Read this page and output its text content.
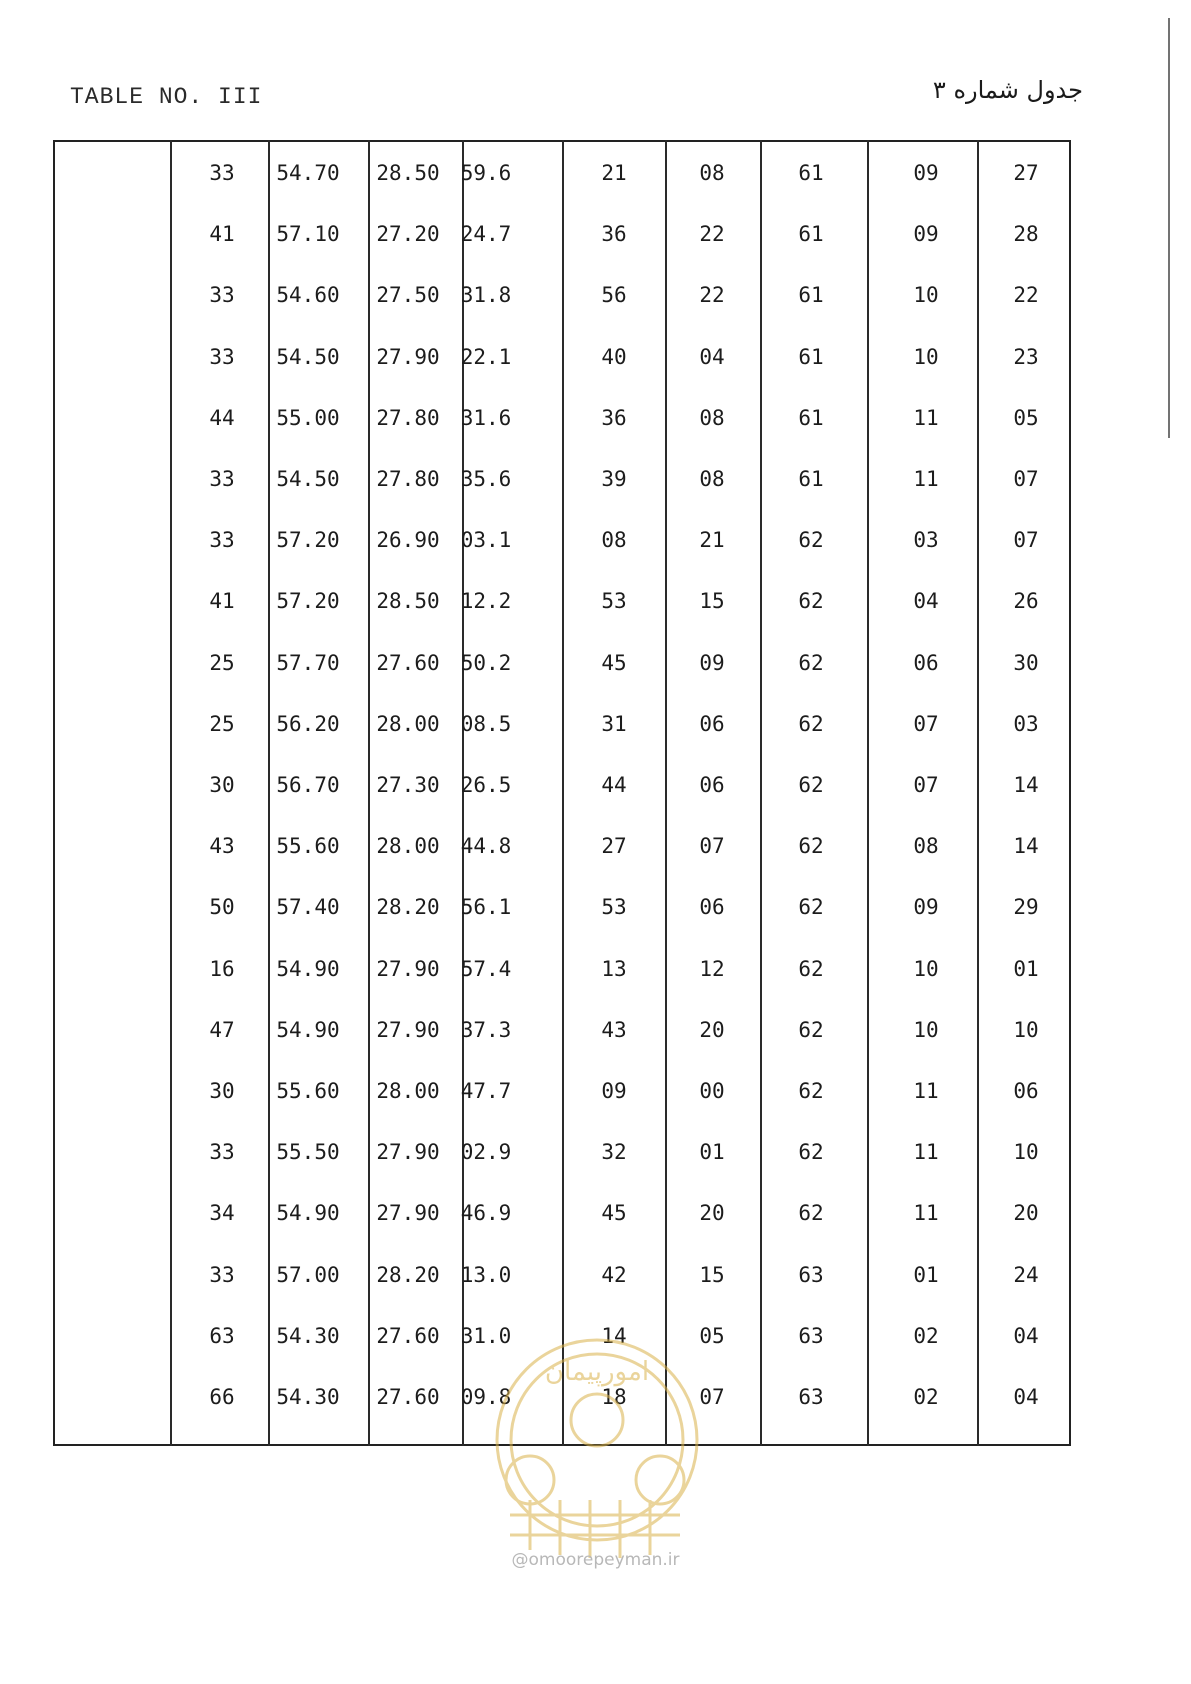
TABLE NO. III	جدول شماره ۳
33	54.70	28.50	59.6	21	08	61	09	27
41	57.10	27.20	24.7	36	22	61	09	28
33	54.60	27.50	31.8	56	22	61	10	22
33	54.50	27.90	22.1	40	04	61	10	23
44	55.00	27.80	31.6	36	08	61	11	05
33	54.50	27.80	35.6	39	08	61	11	07
33	57.20	26.90	03.1	08	21	62	03	07
41	57.20	28.50	12.2	53	15	62	04	26
25	57.70	27.60	50.2	45	09	62	06	30
25	56.20	28.00	08.5	31	06	62	07	03
30	56.70	27.30	26.5	44	06	62	07	14
43	55.60	28.00	44.8	27	07	62	08	14
50	57.40	28.20	56.1	53	06	62	09	29
16	54.90	27.90	57.4	13	12	62	10	01
47	54.90	27.90	37.3	43	20	62	10	10
30	55.60	28.00	47.7	09	00	62	11	06
33	55.50	27.90	02.9	32	01	62	11	10
34	54.90	27.90	46.9	45	20	62	11	20
33	57.00	28.20	13.0	42	15	63	01	24
63	54.30	27.60	31.0	14	05	63	02	04
66	54.30	27.60	09.8	18	07	63	02	04
امورپیمان
@omoorepeyman.ir
